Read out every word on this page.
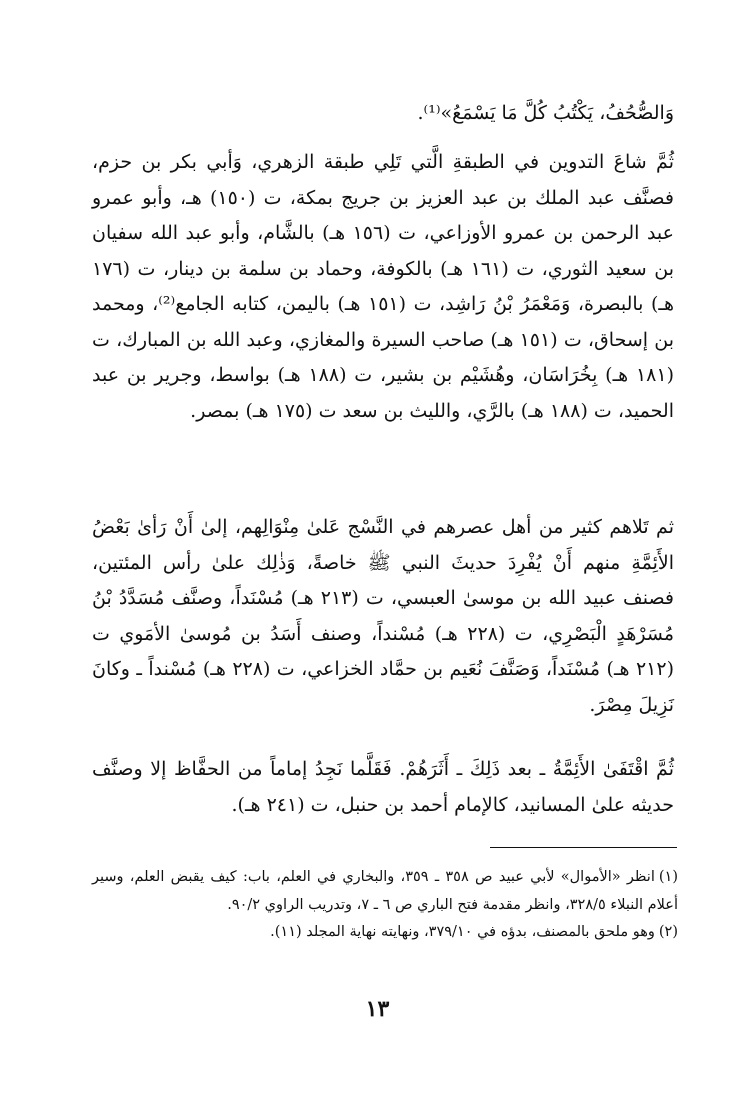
وَالصُّحُفُ، يَكْتُبُ كُلَّ مَا يَسْمَعُ»⁽¹⁾.

ثُمَّ شاعَ التدوين في الطبقةِ الَّتي تَلِي طبقة الزهري، وَأبي بكر بن حزم، فصنَّف عبد الملك بن عبد العزيز بن جريج بمكة، ت (١٥٠) هـ، وأبو عمرو عبد الرحمن بن عمرو الأوزاعي، ت (١٥٦ هـ) بالشَّام، وأبو عبد الله سفيان بن سعيد الثوري، ت (١٦١ هـ) بالكوفة، وحماد بن سلمة بن دينار، ت (١٧٦ هـ) بالبصرة، وَمَعْمَرُ بْنُ رَاشِد، ت (١٥١ هـ) باليمن، كتابه الجامع⁽²⁾، ومحمد بن إسحاق، ت (١٥١ هـ) صاحب السيرة والمغازي، وعبد الله بن المبارك، ت (١٨١ هـ) بِخُرَاسَان، وهُشَيْم بن بشير، ت (١٨٨ هـ) بواسط، وجرير بن عبد الحميد، ت (١٨٨ هـ) بالرَّي، والليث بن سعد ت (١٧٥ هـ) بمصر.

ثم تَلاهم كثير من أهل عصرهم في النَّسْج عَلىٰ مِنْوَالِهم، إلىٰ أَنْ رَأىٰ بَعْضُ الأَئِمَّةِ منهم أَنْ يُفْرِدَ حديثَ النبي ﷺ خاصةً، وَذٰلِك علىٰ رأس المئتين، فصنف عبيد الله بن موسىٰ العبسي، ت (٢١٣ هـ) مُسْنَداً، وصنَّف مُسَدَّدُ بْنُ مُسَرْهَدٍ الْبَصْرِي، ت (٢٢٨ هـ) مُسْنداً، وصنف أَسَدُ بن مُوسىٰ الأمَوي ت (٢١٢ هـ) مُسْنَداً، وَصَنَّفَ نُعَيم بن حمَّاد الخزاعي، ت (٢٢٨ هـ) مُسْنداً ـ وكانَ نَزِيلَ مِصْرَ.

ثُمَّ اقْتَفَىٰ الأَئِمَّةُ ـ بعد ذَلِكَ ـ أَثَرَهُمْ. فَقَلَّما نَجِدُ إماماً من الحفَّاظ إلا وصنَّف حديثه علىٰ المسانيد، كالإمام أحمد بن حنبل، ت (٢٤١ هـ).

(١)انظر «الأموال» لأبي عبيد ص ٣٥٨ ـ ٣٥٩، والبخاري في العلم، باب: كيف يقبض العلم، وسير أعلام النبلاء ٣٢٨/٥، وانظر مقدمة فتح الباري ص ٦ ـ ٧، وتدريب الراوي ٩٠/٢.

(٢)وهو ملحق بالمصنف، بدؤه في ٣٧٩/١٠، ونهايته نهاية المجلد (١١).

١٣
